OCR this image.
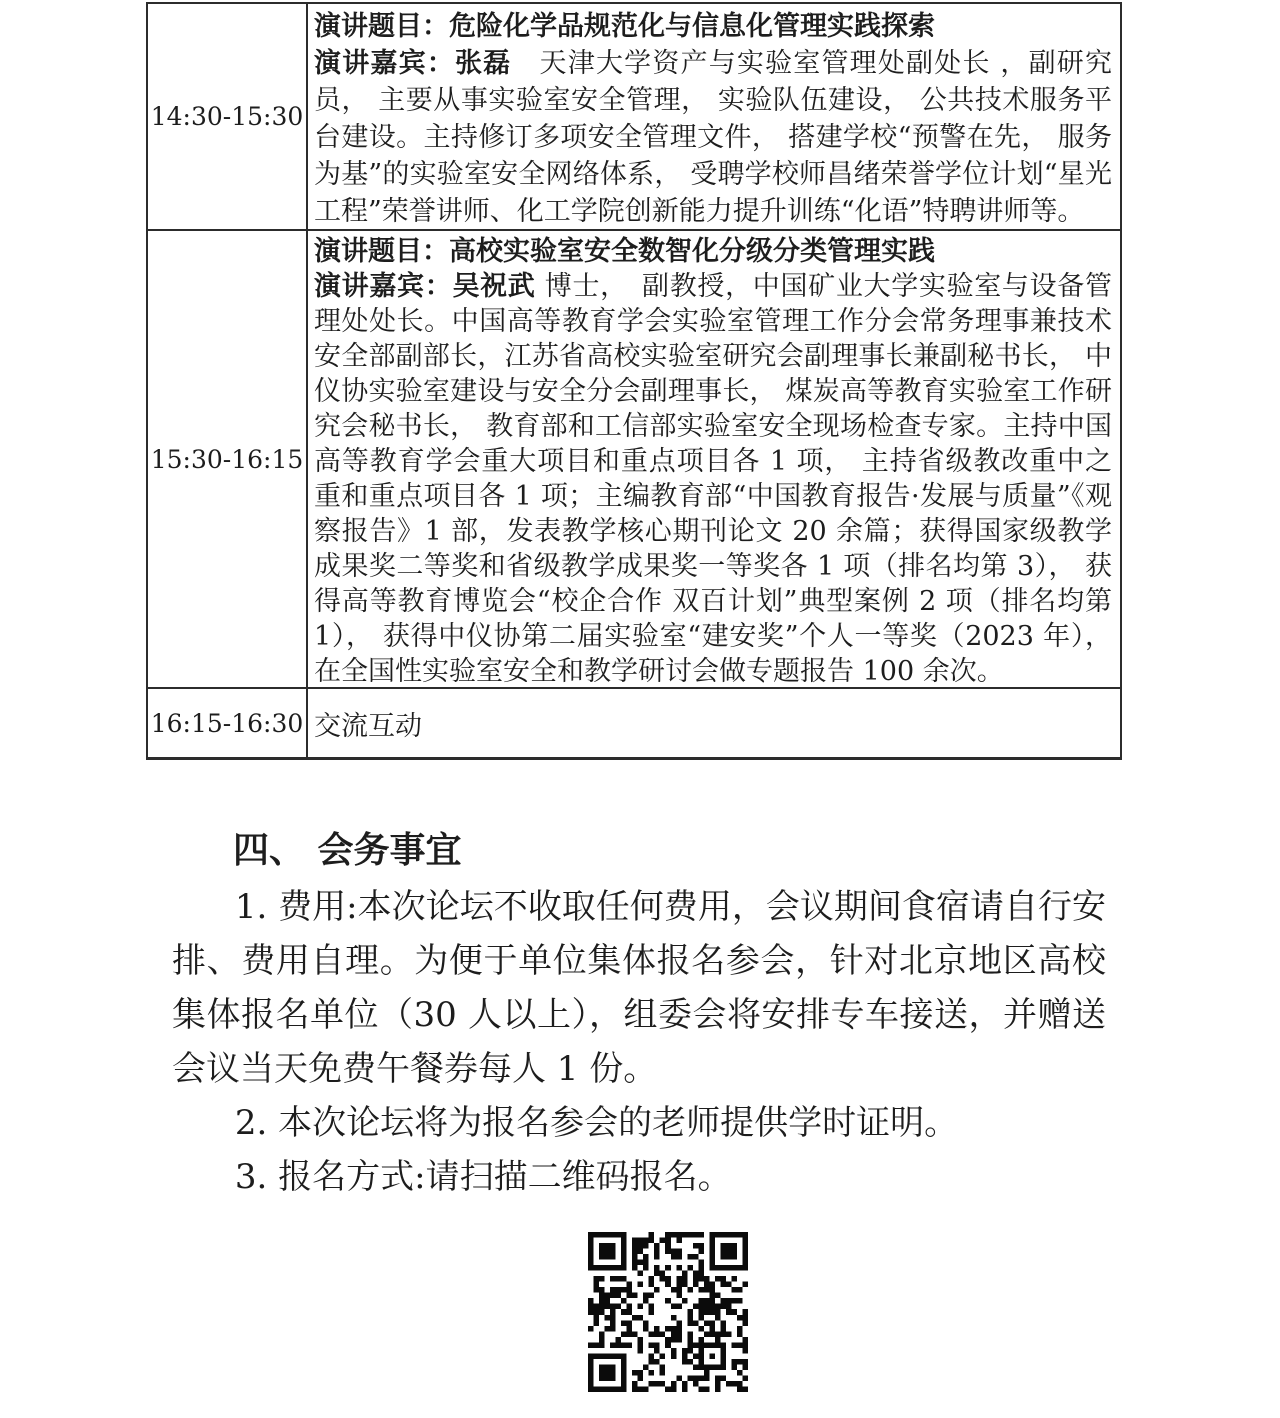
14:30-15:30
演讲题目：危险化学品规范化与信息化管理实践探索
演讲嘉宾：张磊　天津大学资产与实验室管理处副处长 ，副研究员， 主要从事实验室安全管理， 实验队伍建设， 公共技术服务平台建设。主持修订多项安全管理文件， 搭建学校“预警在先， 服务为基”的实验室安全网络体系， 受聘学校师昌绪荣誉学位计划“星光工程”荣誉讲师、化工学院创新能力提升训练“化语”特聘讲师等。
15:30-16:15
演讲题目：高校实验室安全数智化分级分类管理实践
演讲嘉宾：吴祝武 博士，　副教授，中国矿业大学实验室与设备管理处处长。中国高等教育学会实验室管理工作分会常务理事兼技术安全部副部长，江苏省高校实验室研究会副理事长兼副秘书长， 中仪协实验室建设与安全分会副理事长， 煤炭高等教育实验室工作研究会秘书长， 教育部和工信部实验室安全现场检查专家。主持中国高等教育学会重大项目和重点项目各 1 项， 主持省级教改重中之重和重点项目各 1 项；主编教育部“中国教育报告·发展与质量”《观察报告》1 部，发表教学核心期刊论文 20 余篇；获得国家级教学成果奖二等奖和省级教学成果奖一等奖各 1 项（排名均第 3）， 获得高等教育博览会“校企合作 双百计划”典型案例 2 项（排名均第 1）， 获得中仪协第二届实验室“建安奖”个人一等奖（2023 年）， 在全国性实验室安全和教学研讨会做专题报告 100 余次。
16:15-16:30 交流互动
四、 会务事宜

1. 费用:本次论坛不收取任何费用，会议期间食宿请自行安排、费用自理。为便于单位集体报名参会，针对北京地区高校集体报名单位（30 人以上），组委会将安排专车接送，并赠送会议当天免费午餐券每人 1 份。

2. 本次论坛将为报名参会的老师提供学时证明。

3. 报名方式:请扫描二维码报名。
